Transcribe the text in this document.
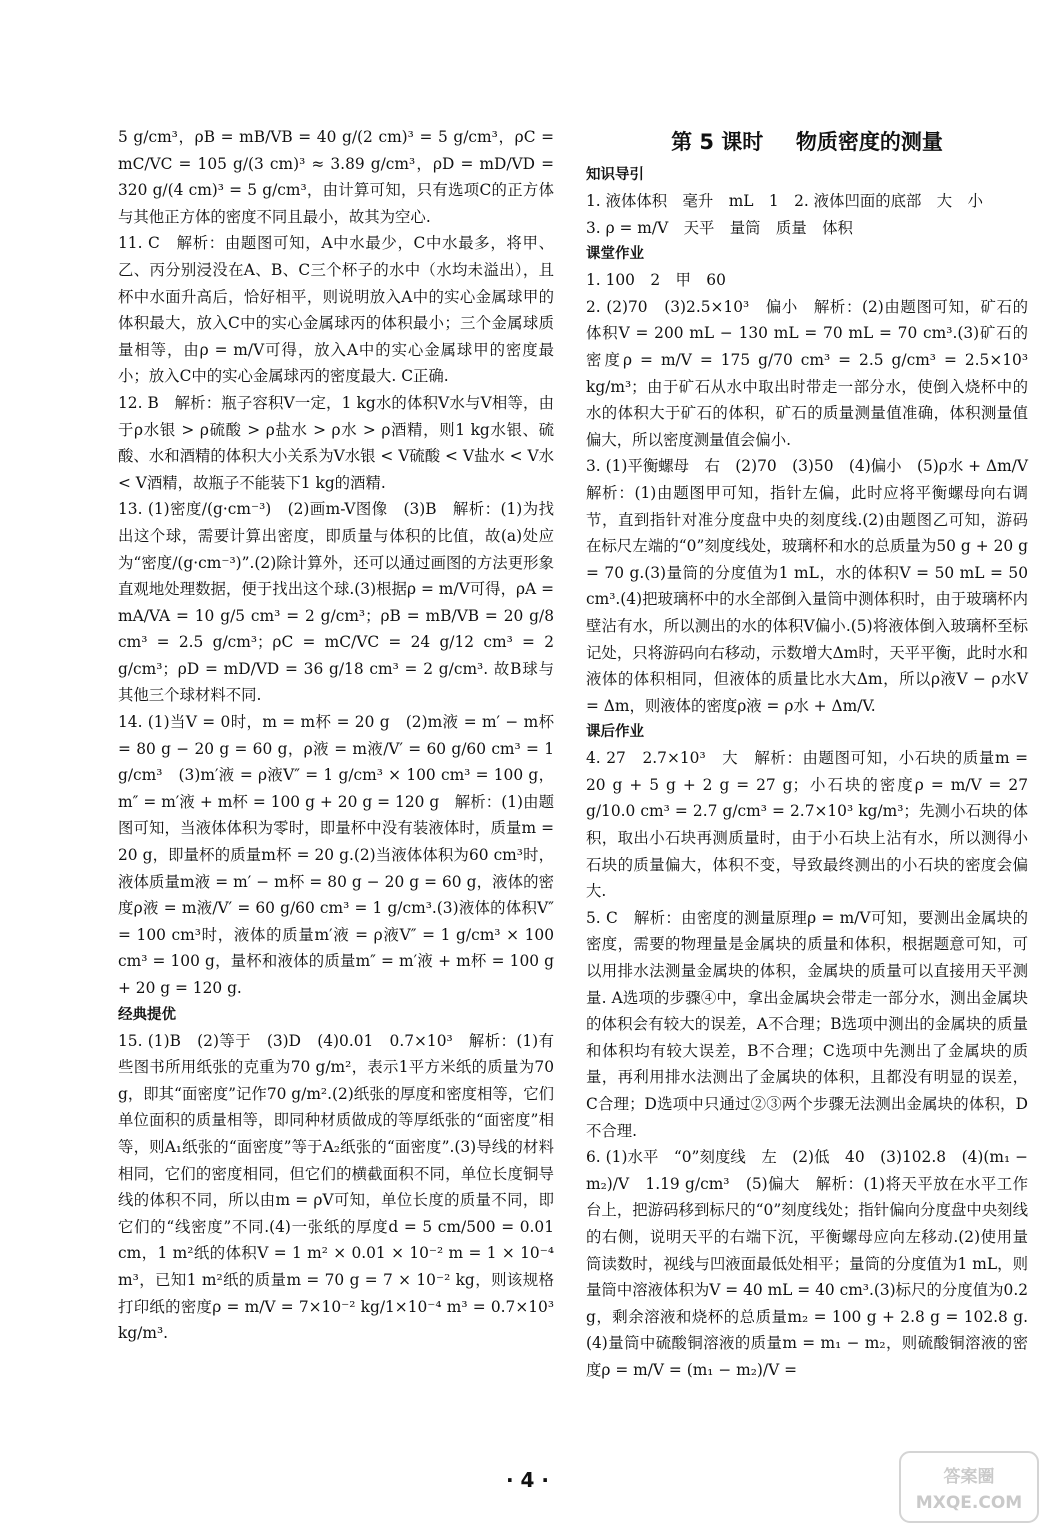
5 g/cm³，ρB = mB/VB = 40 g/(2 cm)³ = 5 g/cm³，ρC = mC/VC = 105 g/(3 cm)³ ≈ 3.89 g/cm³，ρD = mD/VD = 320 g/(4 cm)³ = 5 g/cm³，由计算可知，只有选项C的正方体与其他正方体的密度不同且最小，故其为空心.

11. C　解析：由题图可知，A中水最少，C中水最多，将甲、乙、丙分别浸没在A、B、C三个杯子的水中（水均未溢出），且杯中水面升高后，恰好相平，则说明放入A中的实心金属球甲的体积最大，放入C中的实心金属球丙的体积最小；三个金属球质量相等，由ρ = m/V可得，放入A中的实心金属球甲的密度最小；放入C中的实心金属球丙的密度最大. C正确.

12. B　解析：瓶子容积V一定，1 kg水的体积V水与V相等，由于ρ水银 > ρ硫酸 > ρ盐水 > ρ水 > ρ酒精，则1 kg水银、硫酸、水和酒精的体积大小关系为V水银 < V硫酸 < V盐水 < V水 < V酒精，故瓶子不能装下1 kg的酒精.

13. (1)密度/(g·cm⁻³)　(2)画m-V图像　(3)B　解析：(1)为找出这个球，需要计算出密度，即质量与体积的比值，故(a)处应为“密度/(g·cm⁻³)”.(2)除计算外，还可以通过画图的方法更形象直观地处理数据，便于找出这个球.(3)根据ρ = m/V可得，ρA = mA/VA = 10 g/5 cm³ = 2 g/cm³；ρB = mB/VB = 20 g/8 cm³ = 2.5 g/cm³；ρC = mC/VC = 24 g/12 cm³ = 2 g/cm³；ρD = mD/VD = 36 g/18 cm³ = 2 g/cm³. 故B球与其他三个球材料不同.

14. (1)当V = 0时，m = m杯 = 20 g　(2)m液 = m′ − m杯 = 80 g − 20 g = 60 g，ρ液 = m液/V′ = 60 g/60 cm³ = 1 g/cm³　(3)m′液 = ρ液V″ = 1 g/cm³ × 100 cm³ = 100 g，m″ = m′液 + m杯 = 100 g + 20 g = 120 g　解析：(1)由题图可知，当液体体积为零时，即量杯中没有装液体时，质量m = 20 g，即量杯的质量m杯 = 20 g.(2)当液体体积为60 cm³时，液体质量m液 = m′ − m杯 = 80 g − 20 g = 60 g，液体的密度ρ液 = m液/V′ = 60 g/60 cm³ = 1 g/cm³.(3)液体的体积V″ = 100 cm³时，液体的质量m′液 = ρ液V″ = 1 g/cm³ × 100 cm³ = 100 g，量杯和液体的质量m″ = m′液 + m杯 = 100 g + 20 g = 120 g.

经典提优

15. (1)B　(2)等于　(3)D　(4)0.01　0.7×10³　解析：(1)有些图书所用纸张的克重为70 g/m²，表示1平方米纸的质量为70 g，即其“面密度”记作70 g/m².(2)纸张的厚度和密度相等，它们单位面积的质量相等，即同种材质做成的等厚纸张的“面密度”相等，则A₁纸张的“面密度”等于A₂纸张的“面密度”.(3)导线的材料相同，它们的密度相同，但它们的横截面积不同，单位长度铜导线的体积不同，所以由m = ρV可知，单位长度的质量不同，即它们的“线密度”不同.(4)一张纸的厚度d = 5 cm/500 = 0.01 cm，1 m²纸的体积V = 1 m² × 0.01 × 10⁻² m = 1 × 10⁻⁴ m³，已知1 m²纸的质量m = 70 g = 7 × 10⁻² kg，则该规格打印纸的密度ρ = m/V = 7×10⁻² kg/1×10⁻⁴ m³ = 0.7×10³ kg/m³.

第 5 课时 物质密度的测量
知识导引

1. 液体体积　毫升　mL　1　2. 液体凹面的底部　大　小

3. ρ = m/V　天平　量筒　质量　体积

课堂作业

1. 100　2　甲　60

2. (2)70　(3)2.5×10³　偏小　解析：(2)由题图可知，矿石的体积V = 200 mL − 130 mL = 70 mL = 70 cm³.(3)矿石的密度ρ = m/V = 175 g/70 cm³ = 2.5 g/cm³ = 2.5×10³ kg/m³；由于矿石从水中取出时带走一部分水，使倒入烧杯中的水的体积大于矿石的体积，矿石的质量测量值准确，体积测量值偏大，所以密度测量值会偏小.

3. (1)平衡螺母　右　(2)70　(3)50　(4)偏小　(5)ρ水 + Δm/V　解析：(1)由题图甲可知，指针左偏，此时应将平衡螺母向右调节，直到指针对准分度盘中央的刻度线.(2)由题图乙可知，游码在标尺左端的“0”刻度线处，玻璃杯和水的总质量为50 g + 20 g = 70 g.(3)量筒的分度值为1 mL，水的体积V = 50 mL = 50 cm³.(4)把玻璃杯中的水全部倒入量筒中测体积时，由于玻璃杯内壁沾有水，所以测出的水的体积V偏小.(5)将液体倒入玻璃杯至标记处，只将游码向右移动，示数增大Δm时，天平平衡，此时水和液体的体积相同，但液体的质量比水大Δm，所以ρ液V − ρ水V = Δm，则液体的密度ρ液 = ρ水 + Δm/V.

课后作业

4. 27　2.7×10³　大　解析：由题图可知，小石块的质量m = 20 g + 5 g + 2 g = 27 g；小石块的密度ρ = m/V = 27 g/10.0 cm³ = 2.7 g/cm³ = 2.7×10³ kg/m³；先测小石块的体积，取出小石块再测质量时，由于小石块上沾有水，所以测得小石块的质量偏大，体积不变，导致最终测出的小石块的密度会偏大.

5. C　解析：由密度的测量原理ρ = m/V可知，要测出金属块的密度，需要的物理量是金属块的质量和体积，根据题意可知，可以用排水法测量金属块的体积，金属块的质量可以直接用天平测量. A选项的步骤④中，拿出金属块会带走一部分水，测出金属块的体积会有较大的误差，A不合理；B选项中测出的金属块的质量和体积均有较大误差，B不合理；C选项中先测出了金属块的质量，再利用排水法测出了金属块的体积，且都没有明显的误差，C合理；D选项中只通过②③两个步骤无法测出金属块的体积，D不合理.

6. (1)水平　“0”刻度线　左　(2)低　40　(3)102.8　(4)(m₁ − m₂)/V　1.19 g/cm³　(5)偏大　解析：(1)将天平放在水平工作台上，把游码移到标尺的“0”刻度线处；指针偏向分度盘中央刻线的右侧，说明天平的右端下沉，平衡螺母应向左移动.(2)使用量筒读数时，视线与凹液面最低处相平；量筒的分度值为1 mL，则量筒中溶液体积为V = 40 mL = 40 cm³.(3)标尺的分度值为0.2 g，剩余溶液和烧杯的总质量m₂ = 100 g + 2.8 g = 102.8 g.(4)量筒中硫酸铜溶液的质量m = m₁ − m₂，则硫酸铜溶液的密度ρ = m/V = (m₁ − m₂)/V =

· 4 ·	答案圈
MXQE.COM
